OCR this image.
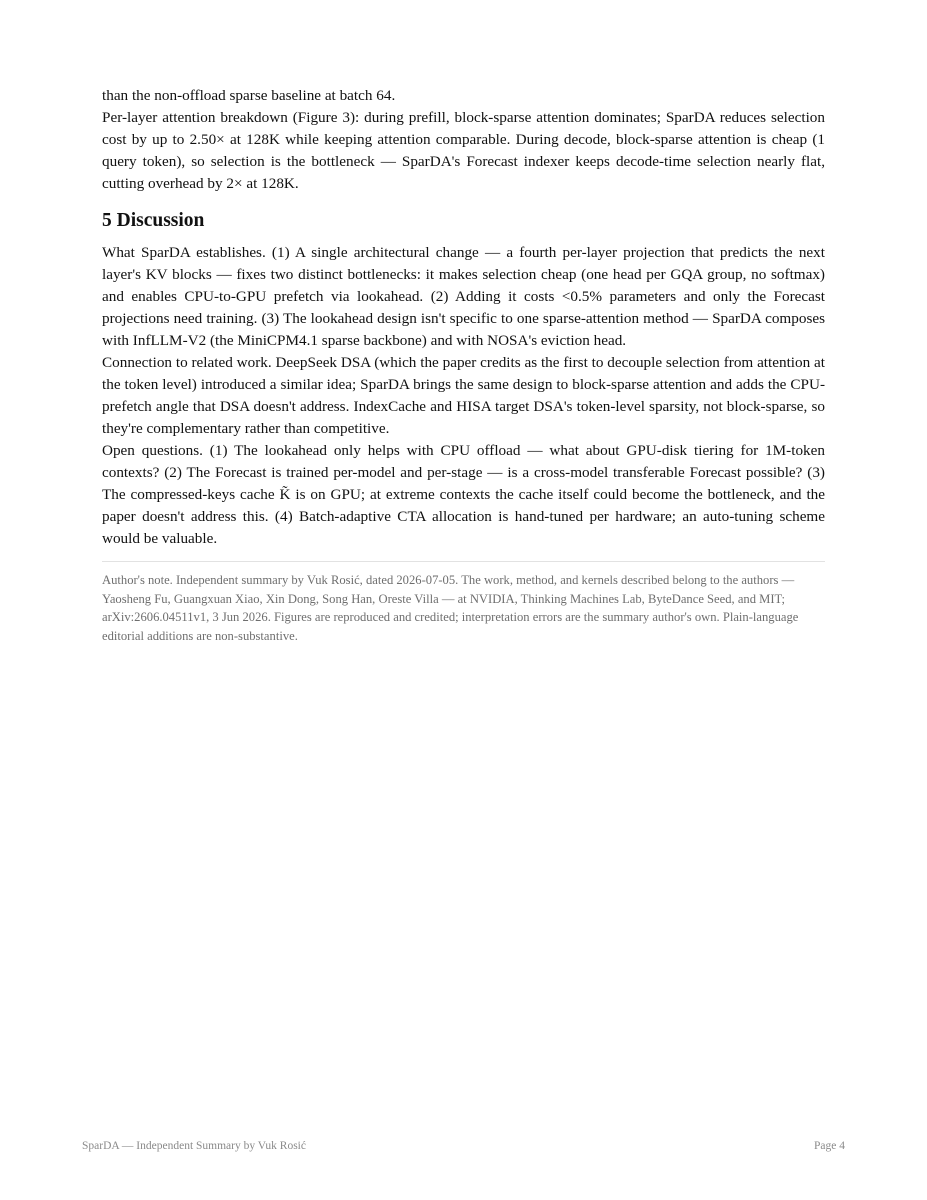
than the non-offload sparse baseline at batch 64.

Per-layer attention breakdown (Figure 3): during prefill, block-sparse attention dominates; SparDA reduces selection cost by up to 2.50× at 128K while keeping attention comparable. During decode, block-sparse attention is cheap (1 query token), so selection is the bottleneck — SparDA's Forecast indexer keeps decode-time selection nearly flat, cutting overhead by 2× at 128K.

5 Discussion

What SparDA establishes. (1) A single architectural change — a fourth per-layer projection that predicts the next layer's KV blocks — fixes two distinct bottlenecks: it makes selection cheap (one head per GQA group, no softmax) and enables CPU-to-GPU prefetch via lookahead. (2) Adding it costs <0.5% parameters and only the Forecast projections need training. (3) The lookahead design isn't specific to one sparse-attention method — SparDA composes with InfLLM-V2 (the MiniCPM4.1 sparse backbone) and with NOSA's eviction head.

Connection to related work. DeepSeek DSA (which the paper credits as the first to decouple selection from attention at the token level) introduced a similar idea; SparDA brings the same design to block-sparse attention and adds the CPU-prefetch angle that DSA doesn't address. IndexCache and HISA target DSA's token-level sparsity, not block-sparse, so they're complementary rather than competitive.

Open questions. (1) The lookahead only helps with CPU offload — what about GPU-disk tiering for 1M-token contexts? (2) The Forecast is trained per-model and per-stage — is a cross-model transferable Forecast possible? (3) The compressed-keys cache K̃ is on GPU; at extreme contexts the cache itself could become the bottleneck, and the paper doesn't address this. (4) Batch-adaptive CTA allocation is hand-tuned per hardware; an auto-tuning scheme would be valuable.

Author's note. Independent summary by Vuk Rosić, dated 2026-07-05. The work, method, and kernels described belong to the authors — Yaosheng Fu, Guangxuan Xiao, Xin Dong, Song Han, Oreste Villa — at NVIDIA, Thinking Machines Lab, ByteDance Seed, and MIT; arXiv:2606.04511v1, 3 Jun 2026. Figures are reproduced and credited; interpretation errors are the summary author's own. Plain-language editorial additions are non-substantive.

SparDA — Independent Summary by Vuk Rosić	Page 4
